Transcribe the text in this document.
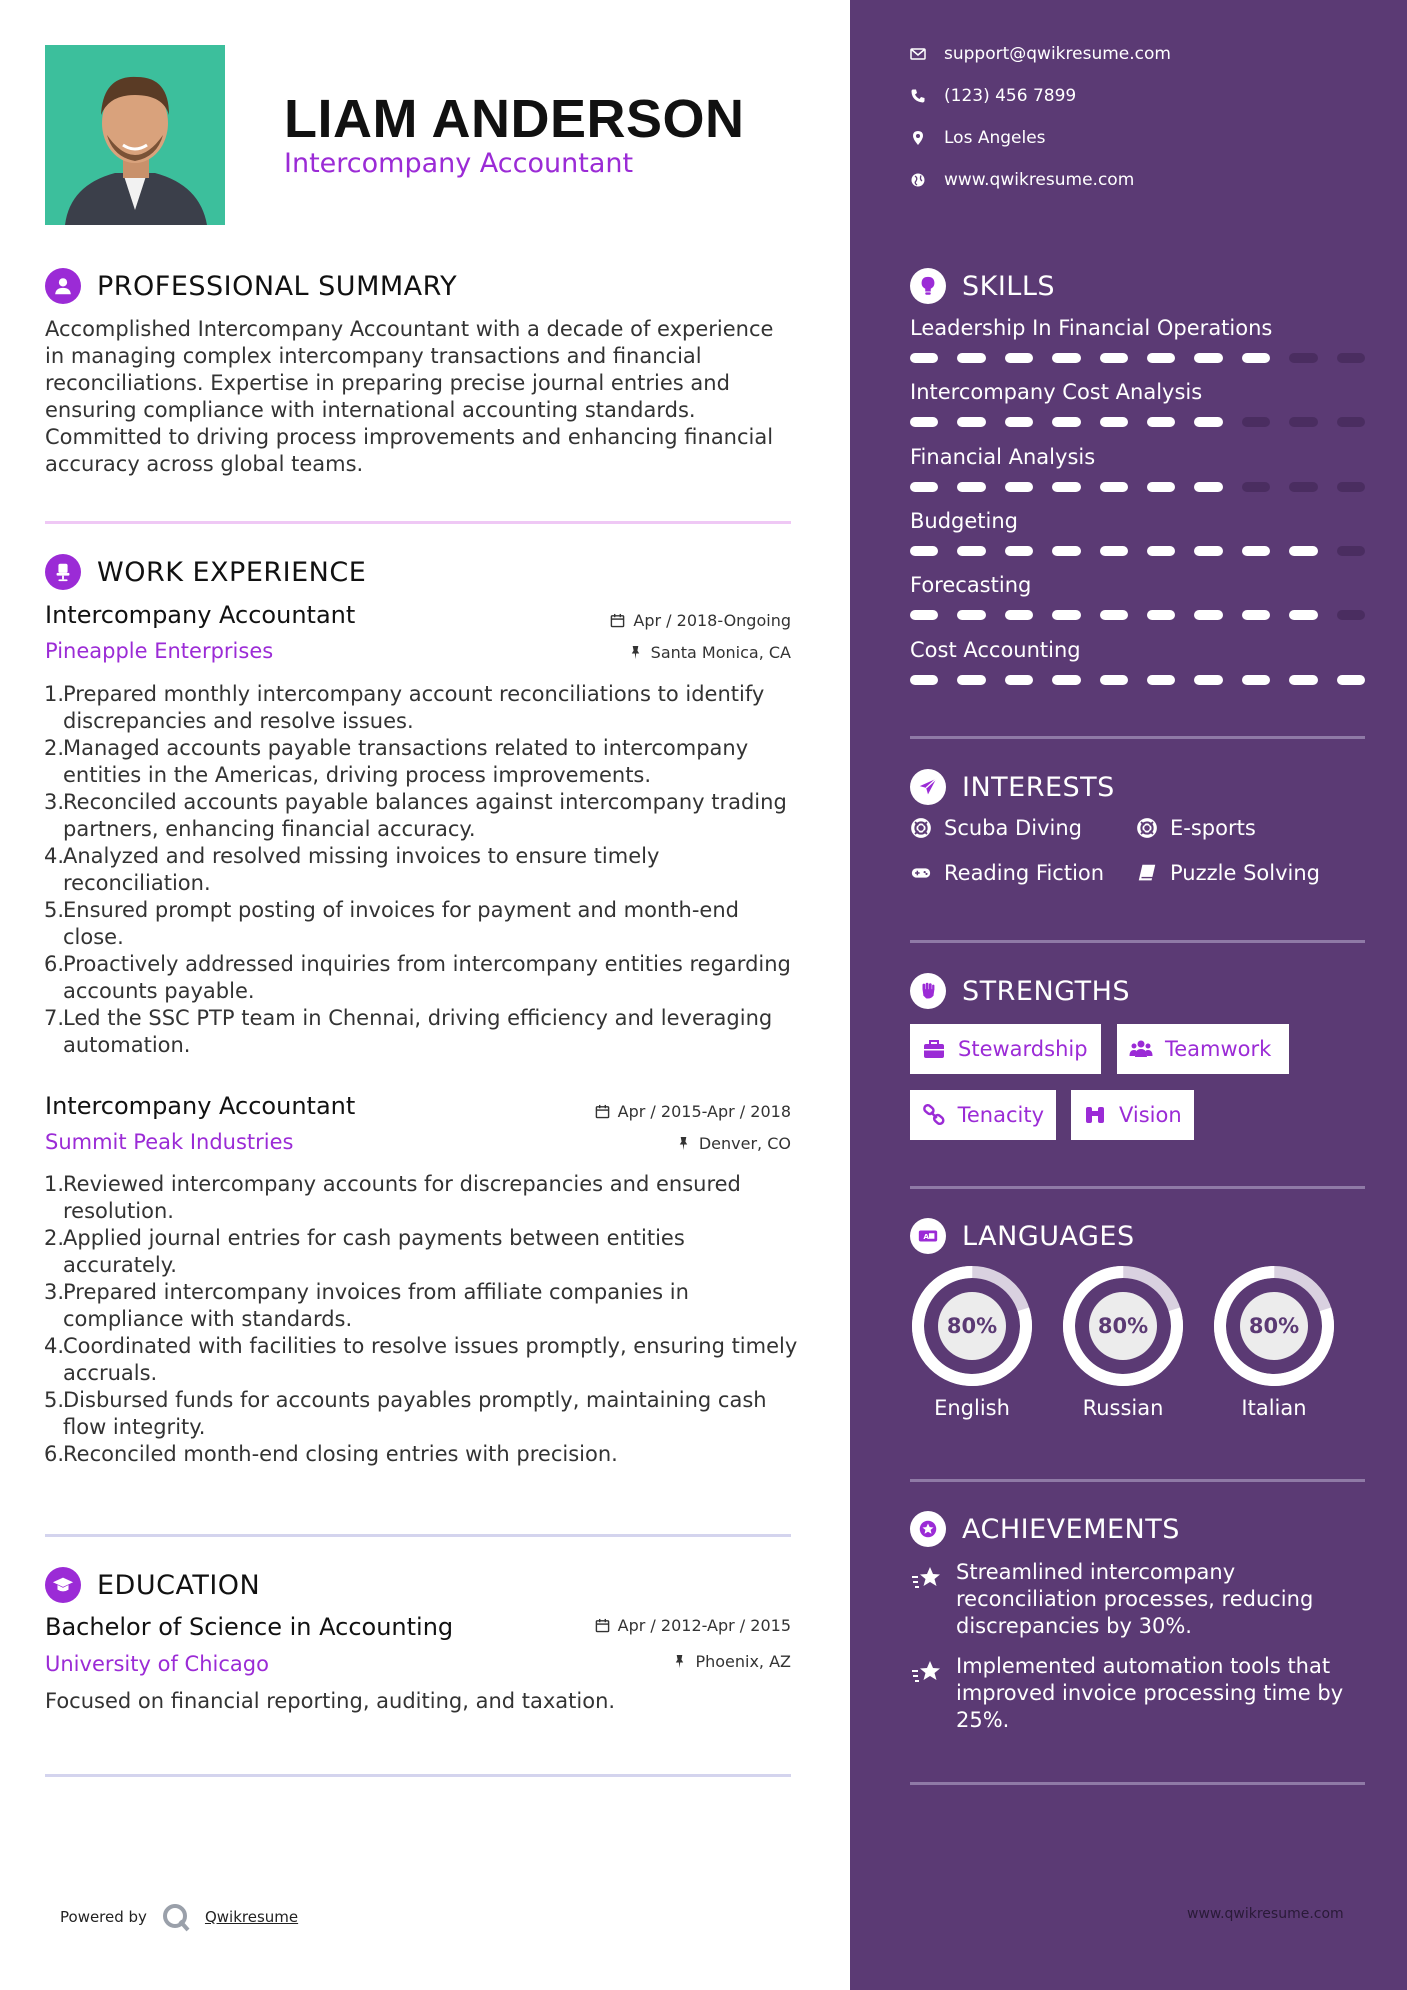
LIAM ANDERSON
Intercompany Accountant
PROFESSIONAL SUMMARY
Accomplished Intercompany Accountant with a decade of experience
in managing complex intercompany transactions and financial
reconciliations. Expertise in preparing precise journal entries and
ensuring compliance with international accounting standards.
Committed to driving process improvements and enhancing financial
accuracy across global teams.
WORK EXPERIENCE
Intercompany Accountant	Apr / 2018-Ongoing
Pineapple Enterprises	Santa Monica, CA
1.
Prepared monthly intercompany account reconciliations to identify
discrepancies and resolve issues.
2.
Managed accounts payable transactions related to intercompany
entities in the Americas, driving process improvements.
3.
Reconciled accounts payable balances against intercompany trading
partners, enhancing financial accuracy.
4.
Analyzed and resolved missing invoices to ensure timely
reconciliation.
5.
Ensured prompt posting of invoices for payment and month-end
close.
6.
Proactively addressed inquiries from intercompany entities regarding
accounts payable.
7.
Led the SSC PTP team in Chennai, driving efficiency and leveraging
automation.
Intercompany Accountant	Apr / 2015-Apr / 2018
Summit Peak Industries	Denver, CO
1.
Reviewed intercompany accounts for discrepancies and ensured
resolution.
2.
Applied journal entries for cash payments between entities
accurately.
3.
Prepared intercompany invoices from affiliate companies in
compliance with standards.
4.
Coordinated with facilities to resolve issues promptly, ensuring timely
accruals.
5.
Disbursed funds for accounts payables promptly, maintaining cash
flow integrity.
6.
Reconciled month-end closing entries with precision.
EDUCATION
Bachelor of Science in Accounting	Apr / 2012-Apr / 2015
University of Chicago	Phoenix, AZ
Focused on financial reporting, auditing, and taxation.
Powered by	Qwikresume
support@qwikresume.com
(123) 456 7899
Los Angeles
www.qwikresume.com
SKILLS
Leadership In Financial Operations
Intercompany Cost Analysis
Financial Analysis
Budgeting
Forecasting
Cost Accounting
INTERESTS
Scuba Diving	E-sports
Reading Fiction	Puzzle Solving
STRENGTHS
Stewardship	Teamwork
Tenacity	Vision
A LANGUAGES
80%
English
80%
Russian
80%
Italian
ACHIEVEMENTS
Streamlined intercompany
reconciliation processes, reducing
discrepancies by 30%.
Implemented automation tools that
improved invoice processing time by
25%.
www.qwikresume.com
